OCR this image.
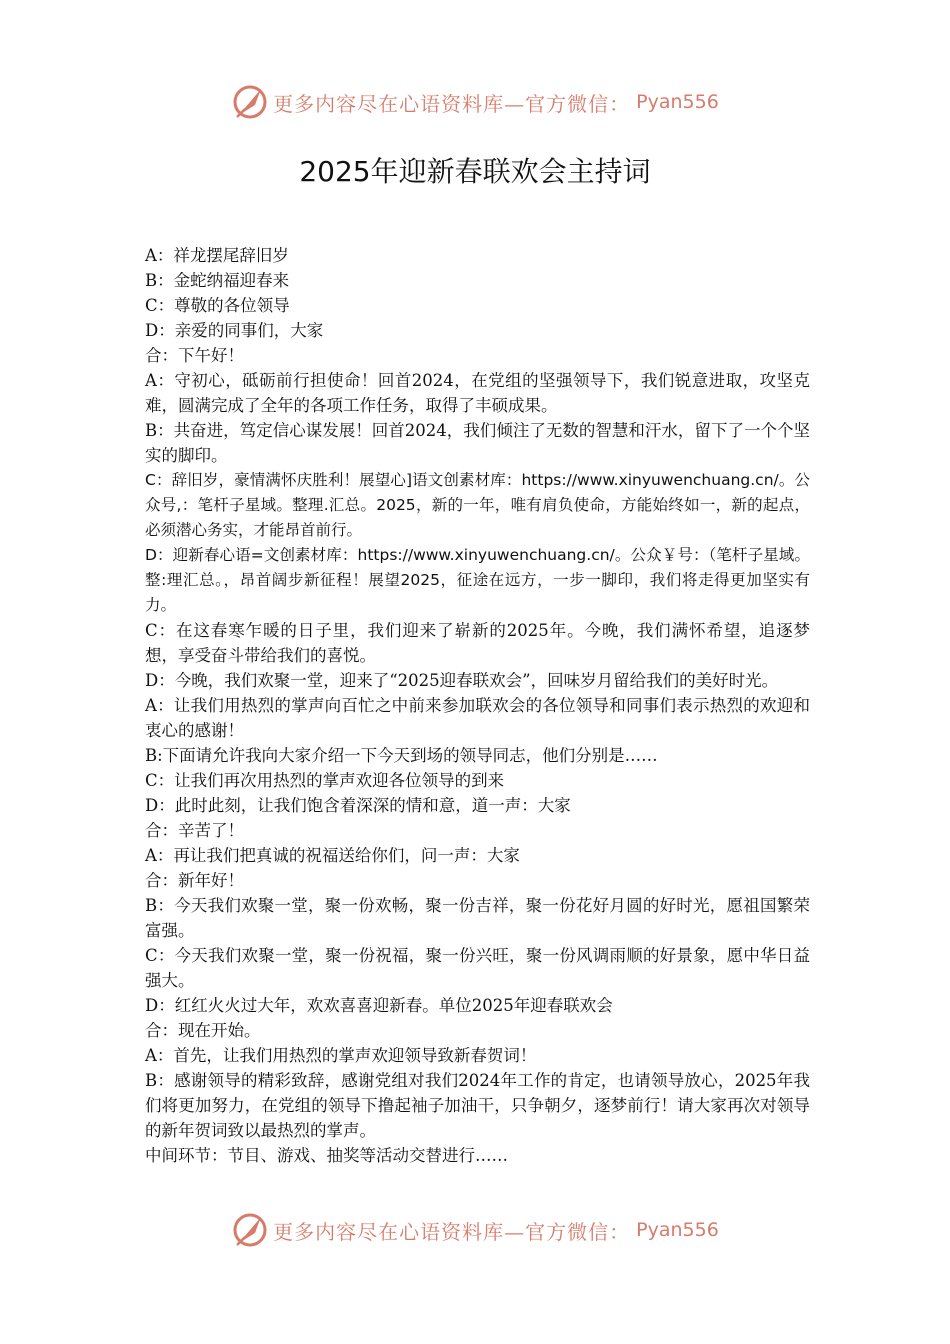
更多内容尽在心语资料库—官方微信： Pyan556
2025年迎新春联欢会主持词

A：祥龙摆尾辞旧岁

B：金蛇纳福迎春来

C：尊敬的各位领导

D：亲爱的同事们，大家

合：下午好！

A：守初心，砥砺前行担使命！回首2024，在党组的坚强领导下，我们锐意进取，攻坚克难，圆满完成了全年的各项工作任务，取得了丰硕成果。

B：共奋进，笃定信心谋发展！回首2024，我们倾注了无数的智慧和汗水，留下了一个个坚实的脚印。

C：辞旧岁，豪情满怀庆胜利！展望心]语文创素材库：https://www.xinyuwenchuang.cn/。公众号,：笔杆子星域。整理.汇总。2025，新的一年，唯有肩负使命，方能始终如一，新的起点，必须潜心务实，才能昂首前行。

D：迎新春心语=文创素材库：https://www.xinyuwenchuang.cn/。公众￥号：（笔杆子星域。整:理汇总。，昂首阔步新征程！展望2025，征途在远方，一步一脚印，我们将走得更加坚实有力。

C：在这春寒乍暖的日子里，我们迎来了崭新的2025年。今晚，我们满怀希望，追逐梦想，享受奋斗带给我们的喜悦。

D：今晚，我们欢聚一堂，迎来了“2025迎春联欢会”，回味岁月留给我们的美好时光。

A：让我们用热烈的掌声向百忙之中前来参加联欢会的各位领导和同事们表示热烈的欢迎和衷心的感谢！

B:下面请允许我向大家介绍一下今天到场的领导同志，他们分别是……

C：让我们再次用热烈的掌声欢迎各位领导的到来

D：此时此刻，让我们饱含着深深的情和意，道一声：大家

合：辛苦了！

A：再让我们把真诚的祝福送给你们，问一声：大家

合：新年好！

B：今天我们欢聚一堂，聚一份欢畅，聚一份吉祥，聚一份花好月圆的好时光，愿祖国繁荣富强。

C：今天我们欢聚一堂，聚一份祝福，聚一份兴旺，聚一份风调雨顺的好景象，愿中华日益强大。

D：红红火火过大年，欢欢喜喜迎新春。单位2025年迎春联欢会

合：现在开始。

A：首先，让我们用热烈的掌声欢迎领导致新春贺词！

B：感谢领导的精彩致辞，感谢党组对我们2024年工作的肯定，也请领导放心，2025年我们将更加努力，在党组的领导下撸起袖子加油干，只争朝夕，逐梦前行！请大家再次对领导的新年贺词致以最热烈的掌声。

中间环节：节目、游戏、抽奖等活动交替进行……

更多内容尽在心语资料库—官方微信： Pyan556
